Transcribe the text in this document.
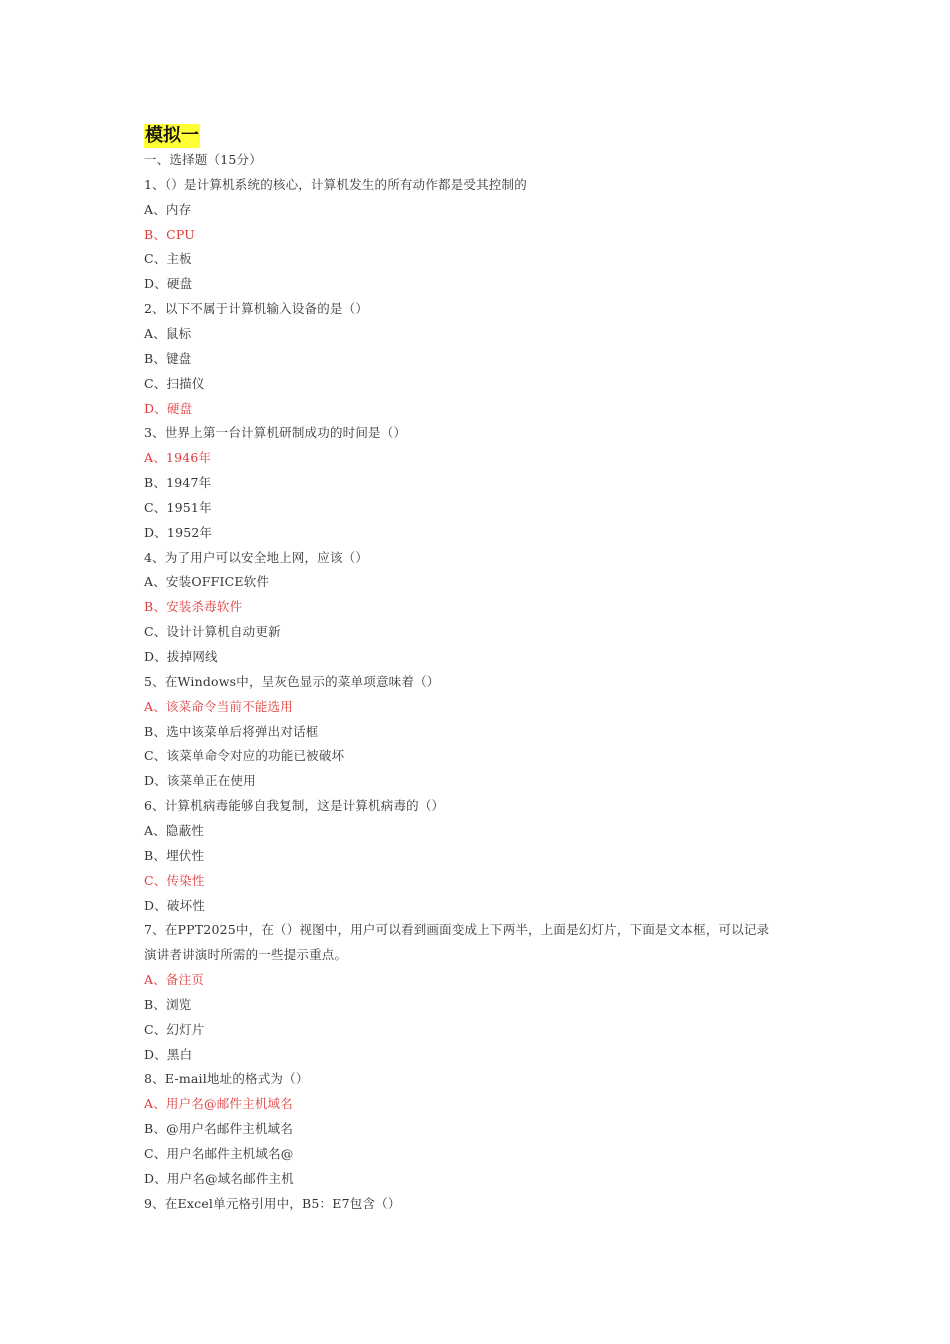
模拟一
一、选择题（15分）
1、（）是计算机系统的核心，计算机发生的所有动作都是受其控制的
A、内存
B、CPU
C、主板
D、硬盘
2、以下不属于计算机输入设备的是（）
A、鼠标
B、键盘
C、扫描仪
D、硬盘
3、世界上第一台计算机研制成功的时间是（）
A、1946年
B、1947年
C、1951年
D、1952年
4、为了用户可以安全地上网，应该（）
A、安装OFFICE软件
B、安装杀毒软件
C、设计计算机自动更新
D、拔掉网线
5、在Windows中，呈灰色显示的菜单项意味着（）
A、该菜命令当前不能选用
B、选中该菜单后将弹出对话框
C、该菜单命令对应的功能已被破坏
D、该菜单正在使用
6、计算机病毒能够自我复制，这是计算机病毒的（）
A、隐蔽性
B、埋伏性
C、传染性
D、破坏性
7、在PPT2025中，在（）视图中，用户可以看到画面变成上下两半，上面是幻灯片，下面是文本框，可以记录
演讲者讲演时所需的一些提示重点。
A、备注页
B、浏览
C、幻灯片
D、黑白
8、E-mail地址的格式为（）
A、用户名@邮件主机域名
B、@用户名邮件主机域名
C、用户名邮件主机域名@
D、用户名@域名邮件主机
9、在Excel单元格引用中，B5：E7包含（）
